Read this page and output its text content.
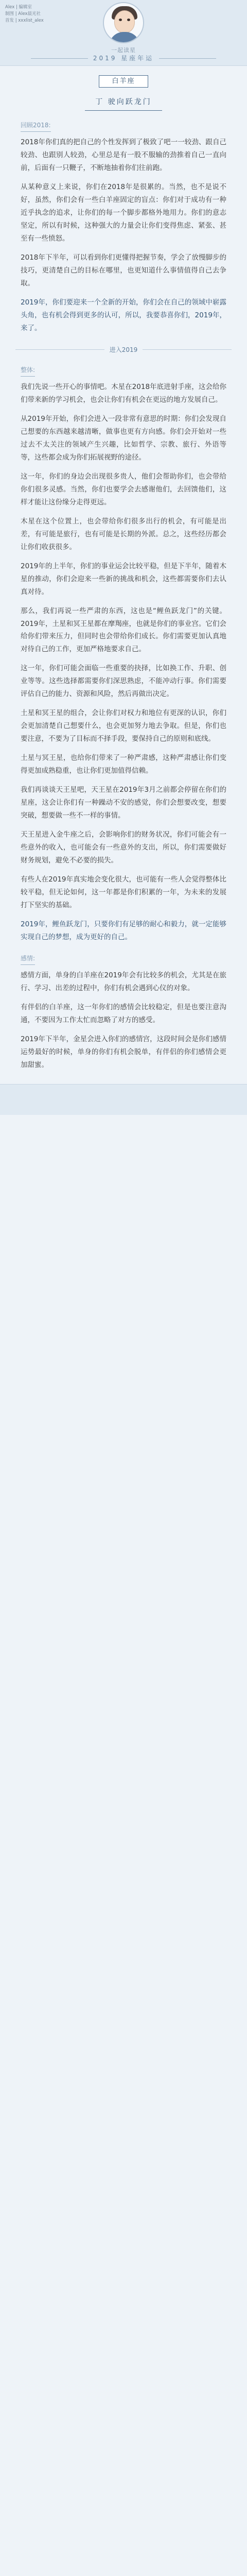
Alex | 编辑室
制图 | Alex晨光社
首发 | xxxlist_alex
一起读星
2019 星座年运
白羊座
丁 驶向跃龙门
回顾2018:

2018年你们真的把自己的个性发挥到了极致了吧一一较劲、跟自己较劲、也跟别人较劲，心里总是有一股不服输的劲推着自己一直向前，后面有一只鞭子，不断地抽着你们往前跑。

从某种意义上来说，你们在2018年是很累的。当然，也不是说不好，虽然，你们会有一些白羊座固定的盲点：你们对于成功有一种近乎执念的追求，让你们的每一个脚步都格外地用力。你们的意志坚定，所以有时候，这种强大的力量会让你们变得焦虑、紧张、甚至有一些愤怒。

2018年下半年，可以看到你们更懂得把握节奏，学会了放慢脚步的技巧，更清楚自己的目标在哪里，也更知道什么事情值得自己去争取。

2019年，你们要迎来一个全新的开始，你们会在自己的领域中崭露头角，也有机会得到更多的认可，所以，我要恭喜你们，2019年，来了。

进入2019
整体:

我们先说一些开心的事情吧。木星在2018年底进射手座，这会给你们带来新的学习机会，也会让你们有机会在更远的地方发展自己。

从2019年开始，你们会进入一段非常有意思的时期：你们会发现自己想要的东西越来越清晰，做事也更有方向感。你们会开始对一些过去不太关注的领域产生兴趣，比如哲学、宗教、旅行、外语等等，这些都会成为你们拓展视野的途径。

这一年，你们的身边会出现很多贵人，他们会帮助你们，也会带给你们很多灵感。当然，你们也要学会去感谢他们，去回馈他们，这样才能让这份缘分走得更远。

木星在这个位置上，也会带给你们很多出行的机会，有可能是出差，有可能是旅行，也有可能是长期的外派。总之，这些经历都会让你们收获很多。

2019年的上半年，你们的事业运会比较平稳，但是下半年，随着木星的推动，你们会迎来一些新的挑战和机会，这些都需要你们去认真对待。

那么，我们再说一些严肃的东西，这也是“鲤鱼跃龙门”的关键。2019年，土星和冥王星都在摩羯座，也就是你们的事业宫。它们会给你们带来压力，但同时也会带给你们成长。你们需要更加认真地对待自己的工作，更加严格地要求自己。

这一年，你们可能会面临一些重要的抉择，比如换工作、升职、创业等等。这些选择都需要你们深思熟虑，不能冲动行事。你们需要评估自己的能力、资源和风险，然后再做出决定。

土星和冥王星的组合，会让你们对权力和地位有更深的认识，你们会更加清楚自己想要什么，也会更加努力地去争取。但是，你们也要注意，不要为了目标而不择手段，要保持自己的原则和底线。

土星与冥王星，也给你们带来了一种严肃感，这种严肃感让你们变得更加成熟稳重，也让你们更加值得信赖。

我们再谈谈天王星吧，天王星在2019年3月之前都会停留在你们的星座，这会让你们有一种躁动不安的感觉，你们会想要改变，想要突破，想要做一些不一样的事情。

天王星进入金牛座之后，会影响你们的财务状况，你们可能会有一些意外的收入，也可能会有一些意外的支出，所以，你们需要做好财务规划，避免不必要的损失。

有些人在2019年真实地会变化很大，也可能有一些人会觉得整体比较平稳，但无论如何，这一年都是你们积累的一年，为未来的发展打下坚实的基础。

2019年，鲤鱼跃龙门，只要你们有足够的耐心和毅力，就一定能够实现自己的梦想，成为更好的自己。

感情:

感情方面，单身的白羊座在2019年会有比较多的机会，尤其是在旅行、学习、出差的过程中，你们有机会遇到心仪的对象。

有伴侣的白羊座，这一年你们的感情会比较稳定，但是也要注意沟通，不要因为工作太忙而忽略了对方的感受。

2019年下半年，金星会进入你们的感情宫，这段时间会是你们感情运势最好的时候，单身的你们有机会脱单，有伴侣的你们感情会更加甜蜜。
